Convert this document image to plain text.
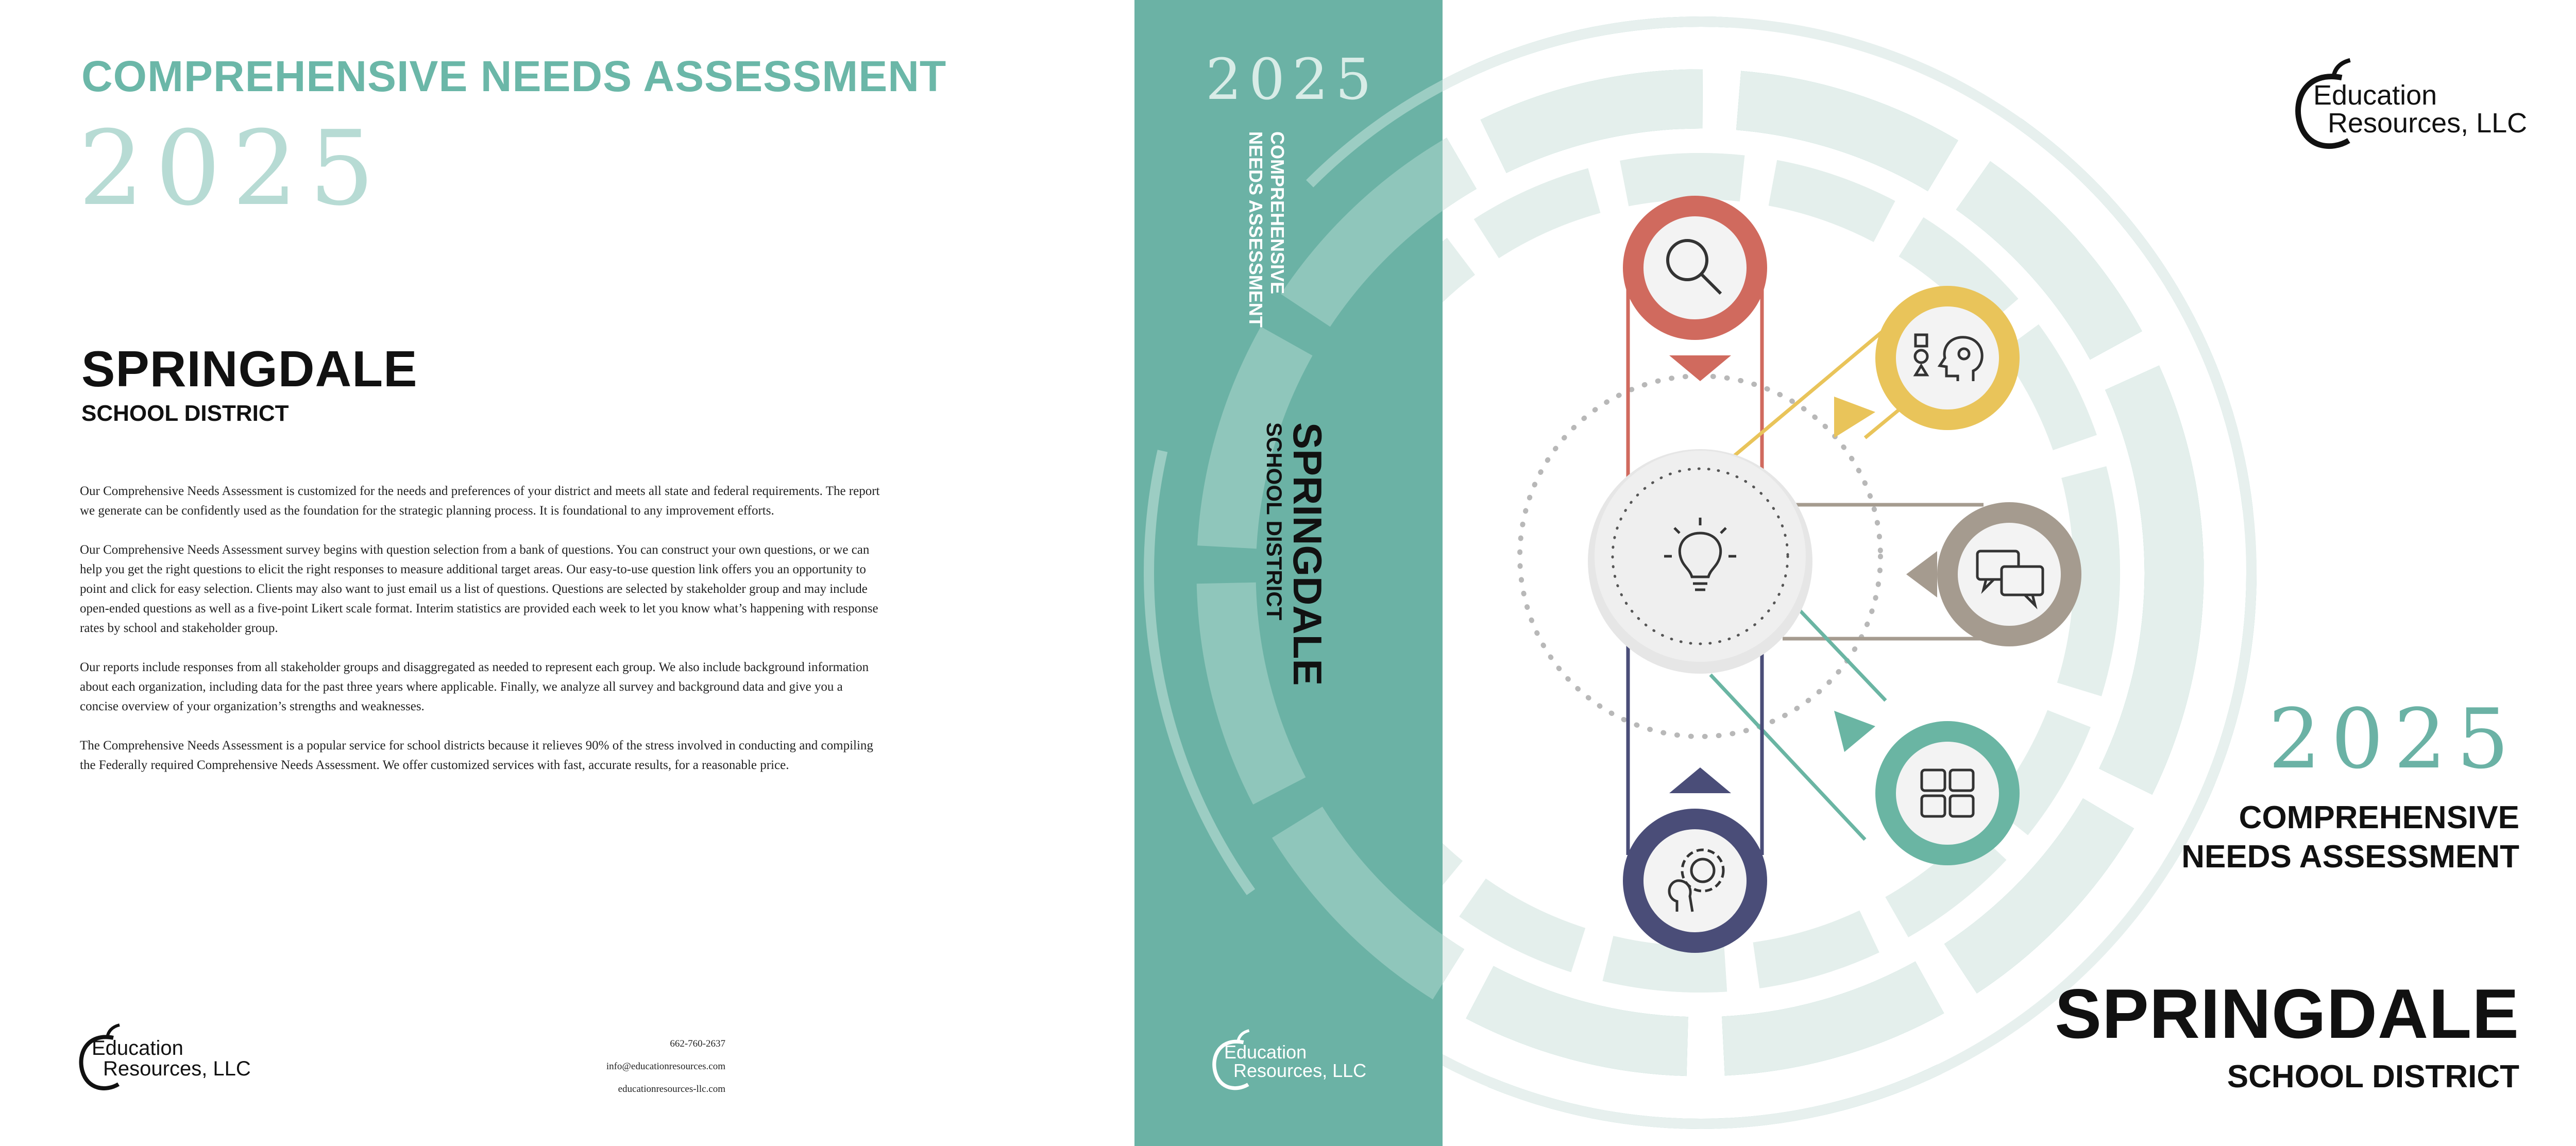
COMPREHENSIVE NEEDS ASSESSMENT
2025
SPRINGDALE
SCHOOL DISTRICT

Our Comprehensive Needs Assessment is customized for the needs and preferences of your district and meets all state and federal requirements. The report we generate can be confidently used as the foundation for the strategic planning process. It is foundational to any improvement efforts.

Our Comprehensive Needs Assessment survey begins with question selection from a bank of questions. You can construct your own questions, or we can help you get the right questions to elicit the right responses to measure additional target areas. Our easy-to-use question link offers you an opportunity to point and click for easy selection. Clients may also want to just email us a list of questions. Questions are selected by stakeholder group and may include open-ended questions as well as a five-point Likert scale format. Interim statistics are provided each week to let you know what’s happening with response rates by school and stakeholder group.

Our reports include responses from all stakeholder groups and disaggregated as needed to represent each group. We also include background information about each organization, including data for the past three years where applicable. Finally, we analyze all survey and background data and give you a concise overview of your organization’s strengths and weaknesses.

The Comprehensive Needs Assessment is a popular service for school districts because it relieves 90% of the stress involved in conducting and compiling the Federally required Comprehensive Needs Assessment. We offer customized services with fast, accurate results, for a reasonable price.

Education
Resources, LLC
662-760-2637
info@educationresources.com
educationresources-llc.com
2025
COMPREHENSIVE
NEEDS ASSESSMENT
SPRINGDALE
SCHOOL DISTRICT
Education
Resources, LLC
Education
Resources, LLC
2025
COMPREHENSIVE
NEEDS ASSESSMENT
SPRINGDALE
SCHOOL DISTRICT
